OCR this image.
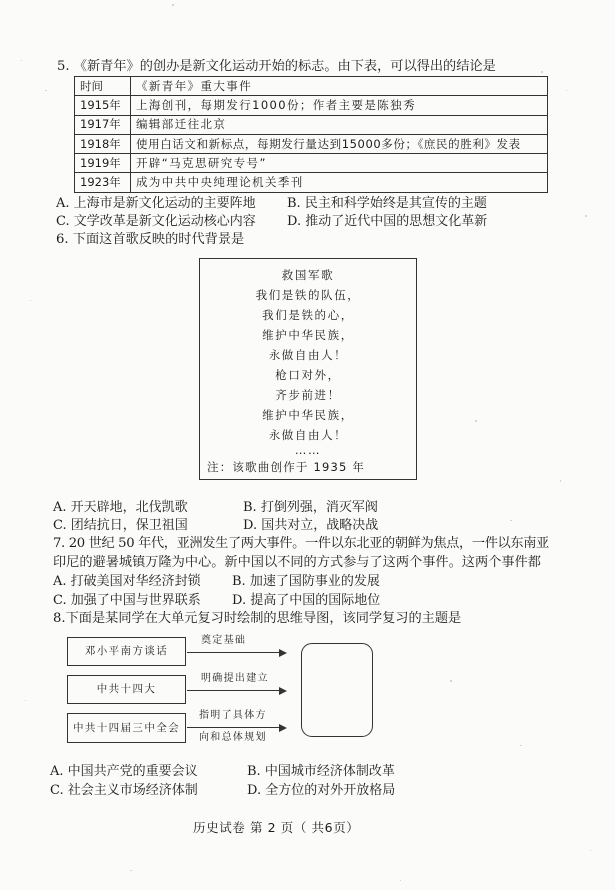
5. 《新青年》的创办是新文化运动开始的标志。由下表，可以得出的结论是
时间	《新青年》重大事件
1915年	上海创刊，每期发行1000份；作者主要是陈独秀
1917年	编辑部迁往北京
1918年	使用白话文和新标点，每期发行量达到15000多份；《庶民的胜利》发表
1919年	开辟“马克思研究专号”
1923年	成为中共中央纯理论机关季刊
A. 上海市是新文化运动的主要阵地 B. 民主和科学始终是其宣传的主题
C. 文学改革是新文化运动核心内容 D. 推动了近代中国的思想文化革新
6. 下面这首歌反映的时代背景是
救国军歌
我们是铁的队伍，
我们是铁的心，
维护中华民族，
永做自由人！
枪口对外，
齐步前进！
维护中华民族，
永做自由人！
……
注：该歌曲创作于 1935 年
A. 开天辟地，北伐凯歌	B. 打倒列强，消灭军阀
C. 团结抗日，保卫祖国	D. 国共对立，战略决战
7. 20 世纪 50 年代，亚洲发生了两大事件。一件以东北亚的朝鲜为焦点，一件以东南亚
印尼的避暑城镇万隆为中心。新中国以不同的方式参与了这两个事件。这两个事件都
A. 打破美国对华经济封锁 B. 加速了国防事业的发展
C. 加强了中国与世界联系 D. 提高了中国的国际地位
8.下面是某同学在大单元复习时绘制的思维导图，该同学复习的主题是
邓小平南方谈话
中共十四大
中共十四届三中全会
奠定基础
明确提出建立
指明了具体方
向和总体规划
A. 中国共产党的重要会议	B. 中国城市经济体制改革
C. 社会主义市场经济体制	D. 全方位的对外开放格局
历史试卷 第 2 页（ 共6页）
